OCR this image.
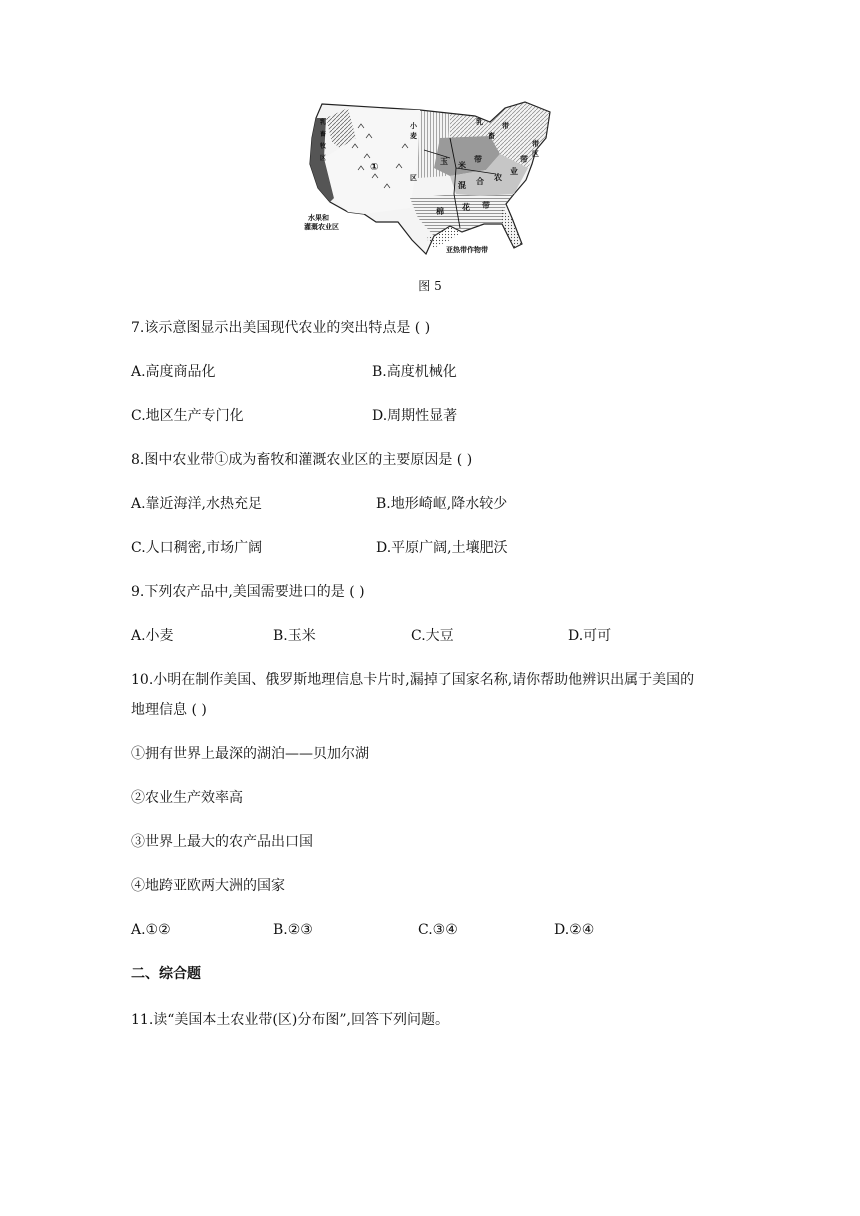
①
乳
畜
牧
区
小
麦
区
玉 米
带
混 合 农
业
带
棉 花 带
乳
畜
带
带
区
水果和
灌溉农业区
亚热带作物带
图 5
7.该示意图显示出美国现代农业的突出特点是 ( )
A.高度商品化	B.高度机械化
C.地区生产专门化	D.周期性显著
8.图中农业带①成为畜牧和灌溉农业区的主要原因是 ( )
A.靠近海洋,水热充足	B.地形崎岖,降水较少
C.人口稠密,市场广阔	D.平原广阔,土壤肥沃
9.下列农产品中,美国需要进口的是 ( )
A.小麦	B.玉米	C.大豆	D.可可
10.小明在制作美国、俄罗斯地理信息卡片时,漏掉了国家名称,请你帮助他辨识出属于美国的
地理信息 ( )
①拥有世界上最深的湖泊——贝加尔湖
②农业生产效率高
③世界上最大的农产品出口国
④地跨亚欧两大洲的国家
A.①②	B.②③	C.③④	D.②④
二、综合题
11.读“美国本土农业带(区)分布图”,回答下列问题。
